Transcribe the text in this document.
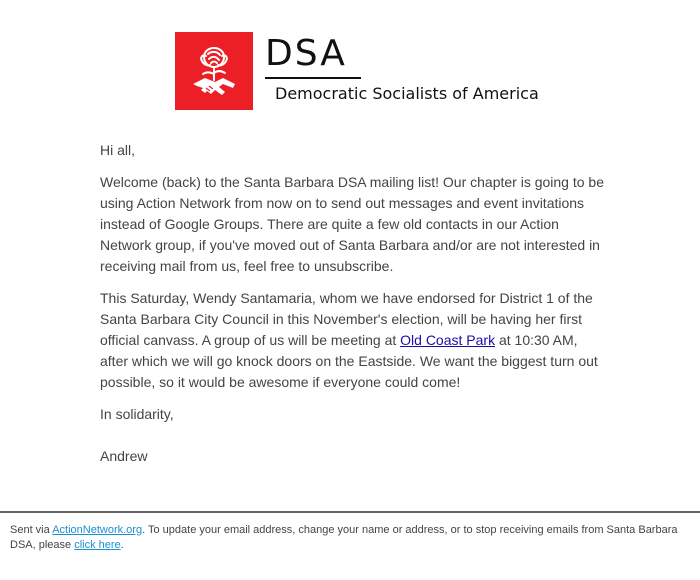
DSA
Democratic Socialists of America

Hi all,

Welcome (back) to the Santa Barbara DSA mailing list! Our chapter is going to be using Action Network from now on to send out messages and event invitations instead of Google Groups. There are quite a few old contacts in our Action Network group, if you've moved out of Santa Barbara and/or are not interested in receiving mail from us, feel free to unsubscribe.

This Saturday, Wendy Santamaria, whom we have endorsed for District 1 of the Santa Barbara City Council in this November's election, will be having her first official canvass. A group of us will be meeting at Old Coast Park at 10:30 AM, after which we will go knock doors on the Eastside. We want the biggest turn out possible, so it would be awesome if everyone could come!

In solidarity,

Andrew

Sent via ActionNetwork.org. To update your email address, change your name or address, or to stop receiving emails from Santa Barbara DSA, please click here.
